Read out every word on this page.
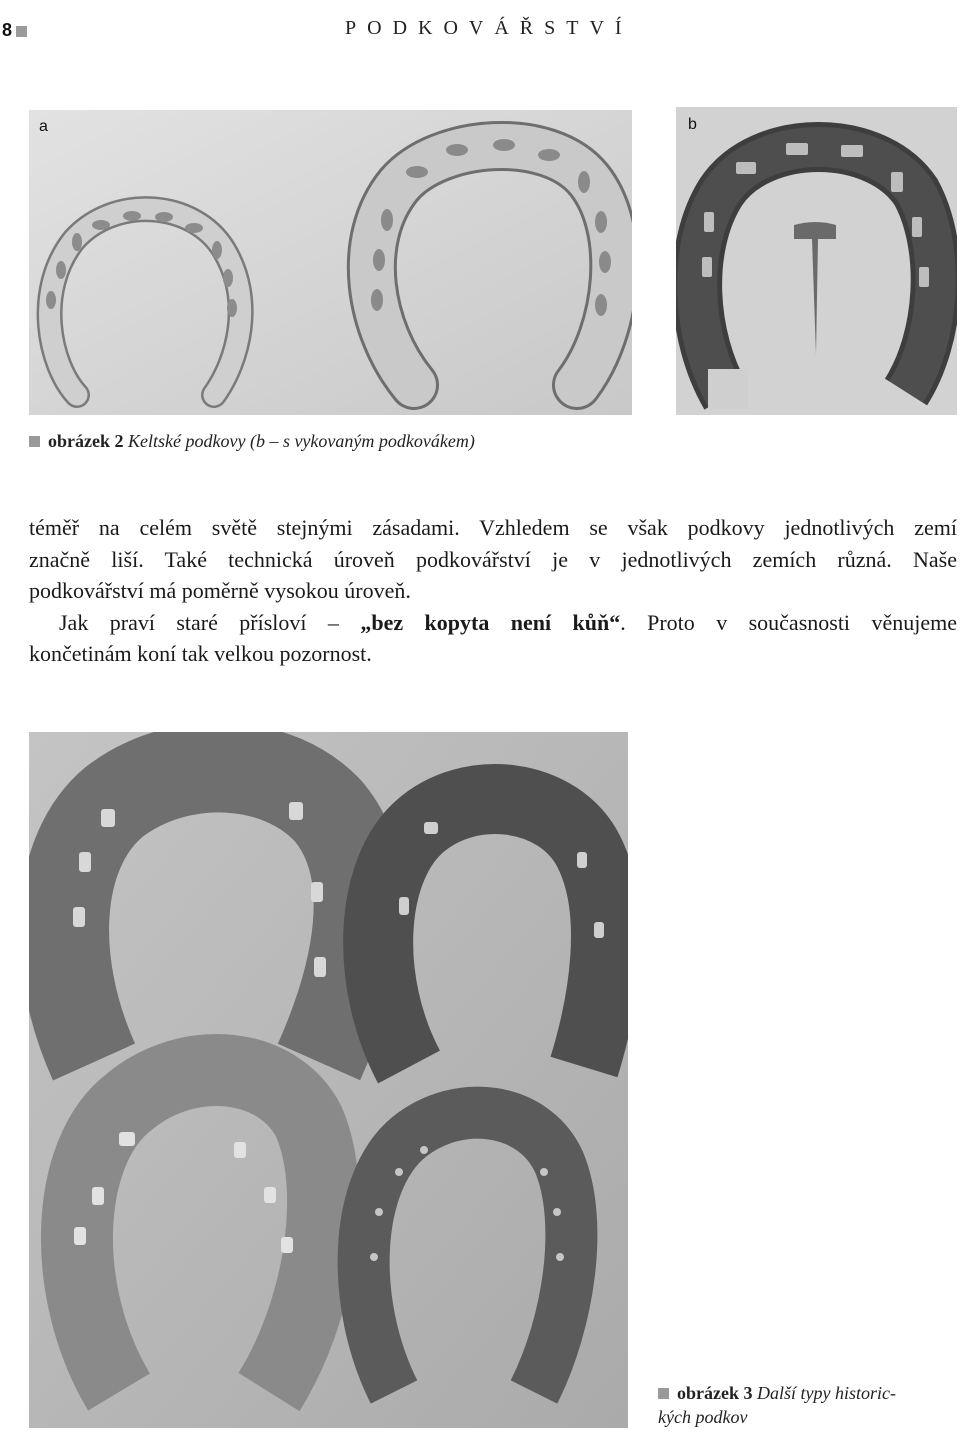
8	PODKOVÁŘSTVÍ
a	b
obrázek 2 Keltské podkovy (b – s vykovaným podkovákem)

téměř na celém světě stejnými zásadami. Vzhledem se však podkovy jednotlivých zemí

značně liší. Také technická úroveň podkovářství je v jednotlivých zemích různá. Naše

podkovářství má poměrně vysokou úroveň.

Jak praví staré přísloví – „bez kopyta není kůň“. Proto v současnosti věnujeme

končetinám koní tak velkou pozornost.

obrázek 3 Další typy historic-
kých podkov
